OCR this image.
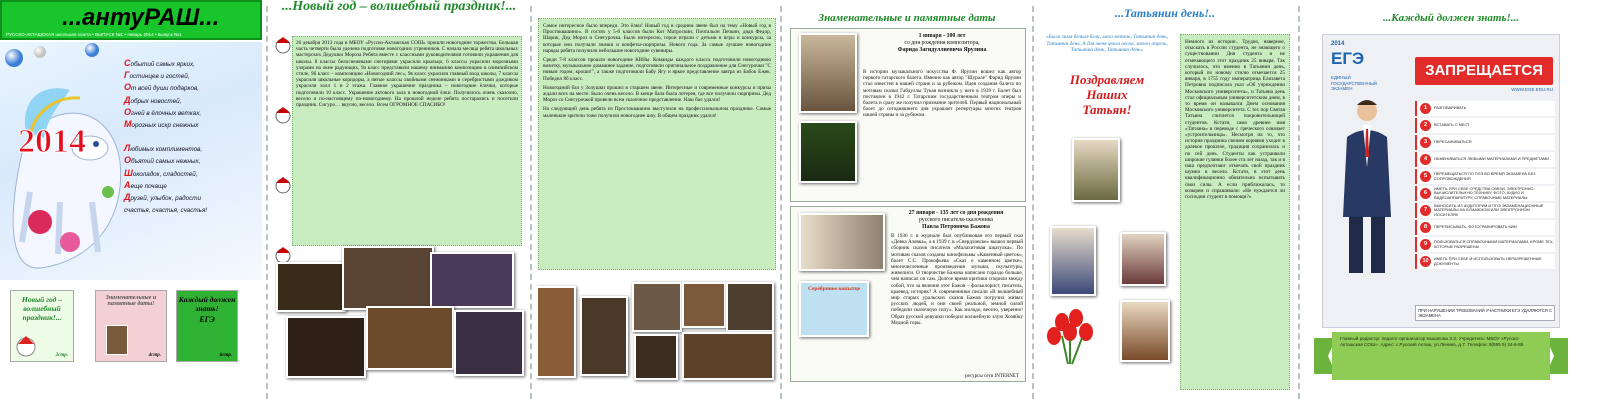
...антуРАШ...
РУССКО-АКТАШСКАЯ школьная газета • ВЫПУСК №1 • январь 2014 • выпуск №1
2014
Событий самых ярких,
Гостинцев и гостей,
От всей души подарков,
Добрых новостей,
Огней в ёлочных ветках,
Морозных искр снежных
Любимых комплиментов,
Объятий самых нежных,
Шоколадок, сладостей,
Аеще почаще
Друзей, улыбок, радости
счастья, счастья, счастья!
Новый год – волшебный праздник!...
2стр.
Знаменательные и памятные даты!
4стр.
Каждый должен знать!
ЕГЭ
6стр.
...Новый год – волшебный праздник!...
26 декабря 2013 года в МБОУ «Русско-Акташская СОШ» прошли новогодние торжества. Большая часть четверти была уделена подготовке новогодних утренников. С начала месяца ребята школьных мастерских Дедушки Мороза Ребята вместе с классными руководителями готовили украшения для школы. 8 классы белоснежными снегирями украсили крыльцо, 6 классы украсили морозными узорами на окне радующих, 9а класс представили нашему вниманию композицию в олимпийском стиле, 9б класс – композицию «Новогодний лес», 9в класс украсили главный вход школы, 7 классы украсили школьные коридоры, а пятые классы хвойными снежинками и серебристыми дождиком украсили холл 1 и 2 этажа. Главное украшение праздника – новогодние ёлочки, которые подготовили 10 класс. Украшение актового зала и новогодний ёлки. Получилось очень сказочно, весело и по-настоящему по-новогоднему. На прошлой неделе ребята постарались и посетили праздник. Сигуро… вкусно, весело. Всем ОГРОМНОЕ СПАСИБО!
Самое интересное было впереди. Это ёлки! Новый год в среднем звене был на тему «Новый год в Простоквашино». В гостях у 5-6 классов были Кот Матроскин, Почтальон Печкин, дядя Федор, Шарик, Дед Мороз и Снегурочка. Было интересно, герои играли с детьми в игры и конкурсы, за которые они получали значки и конфеты-сюрпризы. Нового года. За самые лучшие новогодние наряды ребята получили небольшие новогодние сувениры.
Среди 7-8 классов прошли новогодние КВНы. Команды каждого класса подготовили новогоднюю визитку, музыкальное домашнее задание, подготовили оригинальное поздравление для Снегурочки "С новым годом, кроши!", а также подготовили Бабу Ягу и яркое представление завтра из Бабок Ежек. Победил 8б класс.
Новогодний бал у Золушки прошел в старшем звене. Интересные и современные конкурсы и призы ждали всех на месте. Было очень весело. В конце бала была лотерея, где все получили сюрпризы. Дед Мороз со Снегурочкой провели всем сказочное представление. Наш бал удался!
На следующий день ребята из Простоквашино выступили на профессиональном празднике. Самые маленькие зрители тоже получили новогоднее шоу. В общем праздник удался!
Знаменательные и памятные даты
1 января - 100 лет
со дня рождения композитора,
Фарида Загидуллиевича Ярулина
В истории музыкального искусства Ф. Ярулин вошел как автор первого татарского балета. Именно как автор "Шурале" Фарид Ярулин стал известен в нашей стране и за рубежом. Идея создания балета по мотивам сказки Габдуллы Тукая возникла у него в 1939 г. Балет был поставлен в 1942 г. Татарским государственным театром оперы и балета и сразу же получил признание зрителей. Первый национальный балет до сегодняшнего дня украшает репертуары многих театров нашей страны и за рубежом.
27 января - 135 лет со дня рождения
русского писателя-сказочника
Павла Петровича Бажова
Серебряное копытце
В 1936 г. в журнале был опубликован его первый сказ «Девка Азовка», а в 1939 г. в «Свердловске» вышел первый сборник сказов писателя «Малахитовая шкатулка». По мотивам сказов созданы кинофильмы «Каменный цветок», балет С.С. Прокофьева «Сказ о каменном цветке», многочисленные произведения музыки, скульптуры, живописи. О творчестве Бажова написано гораздо больше, чем написал он сам. Долгое время критики спорили между собой, что за явление этот Бажов – фольклорист, писатель, краевед, историк? А современники писали «В волшебный мир старых уральских сказов Бажов погрузил живых русских людей, и они своей реальной, земной силой победили сказочную силу». Как молодо, весело, уверенно! Образ русской девушки победил волшебную злую Хозяйку Медной горы.
ресурсы сети INTERNET
...Татьянин день!..
«Была зима белым-бела, мела метель, Татьянин день, Татьянин день. А для меня цвела весна, звенел апрель, Татьянин день, Татьянин день»
Поздравляем
Наших
Татьян!
Немного из истории.. Трудно, наверное, отыскать в России студента, не знающего о существовании Дня студента и не отмечающего этот праздник 25 января. Так случилось, что именно в Татьянин день, который по новому стилю отмечается 25 января, в 1755 году императрица Елизавета Петровна подписала указ «Об учреждении Московского университета», и Татьяна день стал официальным университетским днем, в то время он назывался Днем основания Московского университета. С тех пор Святая Татьяна считается покровительницей студентов. Кстати, само древнее имя «Татиана» в переводе с греческого означает «устроительница». Несмотря на то, что история праздника своими корнями уходит в далекое прошлое, традиция сохранилась и по сей день. Студенты как устраивали широкие гулянки более ста лет назад, так и в наш предпочтают отмечать свой праздник шумно и весело. Кстати, в этот день квалификационно обязательно испытывать свои силы. А если приближалась, то козырем и спрашивали: «Не нуждается ли господин студент в помощи?»
...Каждый должен знать!...
2014
ЕГЭ
ЕДИНЫЙ ГОСУДАРСТВЕННЫЙ ЭКЗАМЕН
ЗАПРЕЩАЕТСЯ
WWW.EGE.EDU.RU
1	РАЗГОВАРИВАТЬ
2	ВСТАВАТЬ С МЕСТ
3	ПЕРЕСАЖИВАТЬСЯ
4	ОБМЕНИВАТЬСЯ ЛЮБЫМИ МАТЕРИАЛАМИ И ПРЕДМЕТАМИ
5	ПЕРЕМЕЩАТЬСЯ ПО ППЭ ВО ВРЕМЯ ЭКЗАМЕНА БЕЗ СОПРОВОЖДЕНИЯ
6
ИМЕТЬ ПРИ СЕБЕ СРЕДСТВА СВЯЗИ, ЭЛЕКТРОННО-ВЫЧИСЛИТЕЛЬНУЮ ТЕХНИКУ, ФОТО, АУДИО И ВИДЕОАППАРАТУРУ, СПРАВОЧНЫЕ МАТЕРИАЛЫ
7
ВЫНОСИТЬ ИЗ АУДИТОРИИ И ППЭ ЭКЗАМЕНАЦИОННЫЕ МАТЕРИАЛЫ НА БУМАЖНОМ ИЛИ ЭЛЕКТРОННОМ НОСИТЕЛЯХ
8	ПЕРЕПИСЫВАТЬ, ФОТОГРАФИРОВАТЬ КИМ
9	ПОЛЬЗОВАТЬСЯ СПРАВОЧНЫМИ МАТЕРИАЛАМИ, КРОМЕ ТЕХ, КОТОРЫЕ РАЗРЕШЕНЫ
10	ИМЕТЬ ПРИ СЕБЕ И ИСПОЛЬЗОВАТЬ НЕРАЗРЕШЕННЫЕ ДОКУМЕНТЫ
ПРИ НАРУШЕНИИ ТРЕБОВАНИЙ УЧАСТНИКИ ЕГЭ УДАЛЯЮТСЯ С ЭКЗАМЕНА
Главный редактор: педагог-организатор Кашапова З.Х. Учредитель: МБОУ «Русско-Акташская СОШ». Адрес: с.Русский Акташ, ул.Ленина, д.7. Телефон: 8(855 9) 34-6-89
